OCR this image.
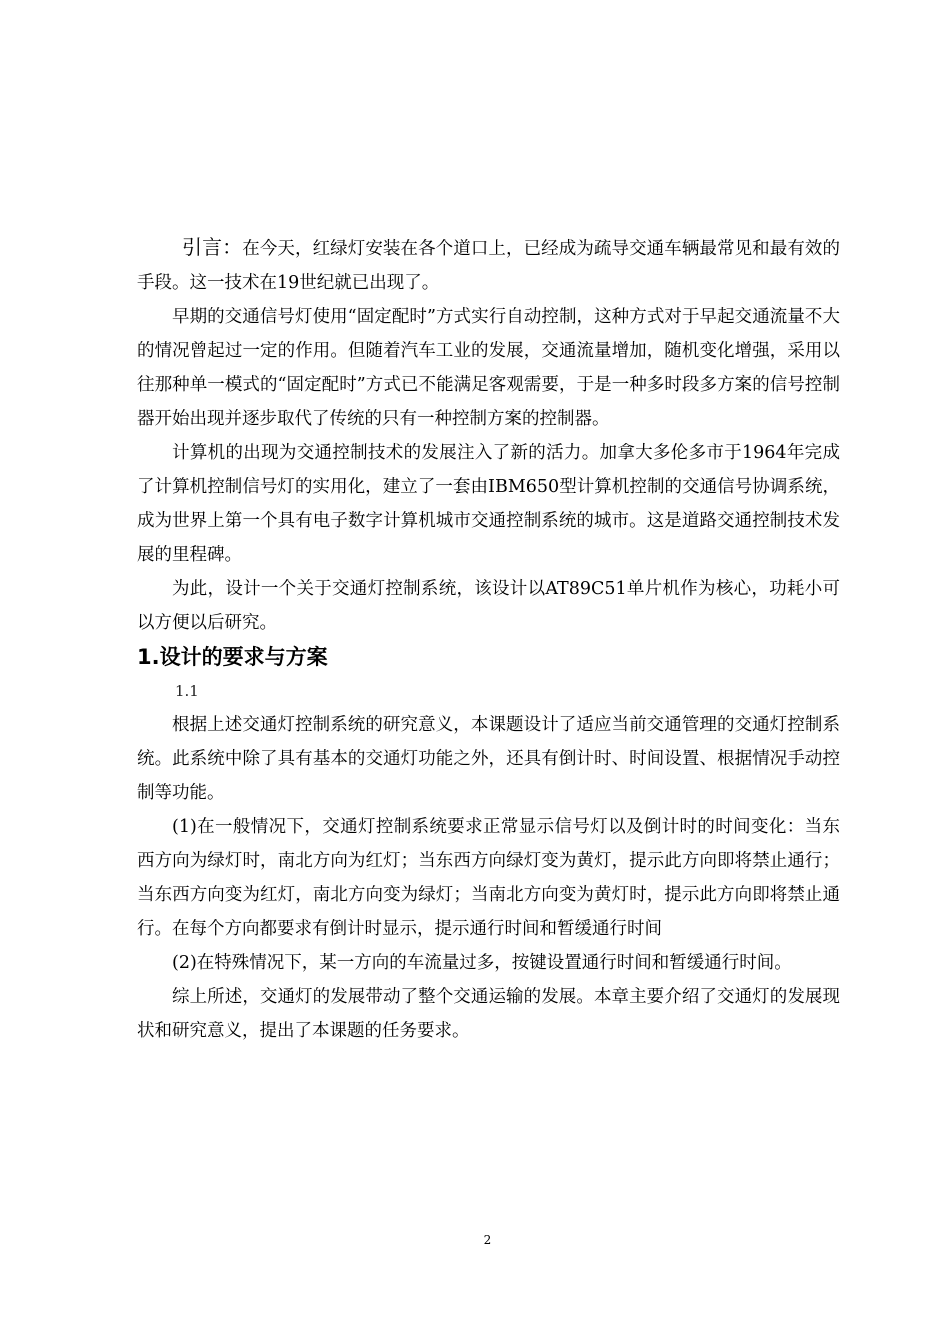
引言：在今天，红绿灯安装在各个道口上，已经成为疏导交通车辆最常见和最有效的手段。这一技术在19世纪就已出现了。

早期的交通信号灯使用“固定配时”方式实行自动控制，这种方式对于早起交通流量不大的情况曾起过一定的作用。但随着汽车工业的发展，交通流量增加，随机变化增强，采用以往那种单一模式的“固定配时”方式已不能满足客观需要，于是一种多时段多方案的信号控制器开始出现并逐步取代了传统的只有一种控制方案的控制器。

计算机的出现为交通控制技术的发展注入了新的活力。加拿大多伦多市于1964年完成了计算机控制信号灯的实用化，建立了一套由IBM650型计算机控制的交通信号协调系统，成为世界上第一个具有电子数字计算机城市交通控制系统的城市。这是道路交通控制技术发展的里程碑。

为此，设计一个关于交通灯控制系统，该设计以AT89C51单片机作为核心，功耗小可以方便以后研究。

1.设计的要求与方案

1.1

根据上述交通灯控制系统的研究意义，本课题设计了适应当前交通管理的交通灯控制系统。此系统中除了具有基本的交通灯功能之外，还具有倒计时、时间设置、根据情况手动控制等功能。

(1)在一般情况下，交通灯控制系统要求正常显示信号灯以及倒计时的时间变化：当东西方向为绿灯时，南北方向为红灯；当东西方向绿灯变为黄灯，提示此方向即将禁止通行；当东西方向变为红灯，南北方向变为绿灯；当南北方向变为黄灯时，提示此方向即将禁止通行。在每个方向都要求有倒计时显示，提示通行时间和暂缓通行时间

(2)在特殊情况下，某一方向的车流量过多，按键设置通行时间和暂缓通行时间。

综上所述，交通灯的发展带动了整个交通运输的发展。本章主要介绍了交通灯的发展现状和研究意义，提出了本课题的任务要求。

2
